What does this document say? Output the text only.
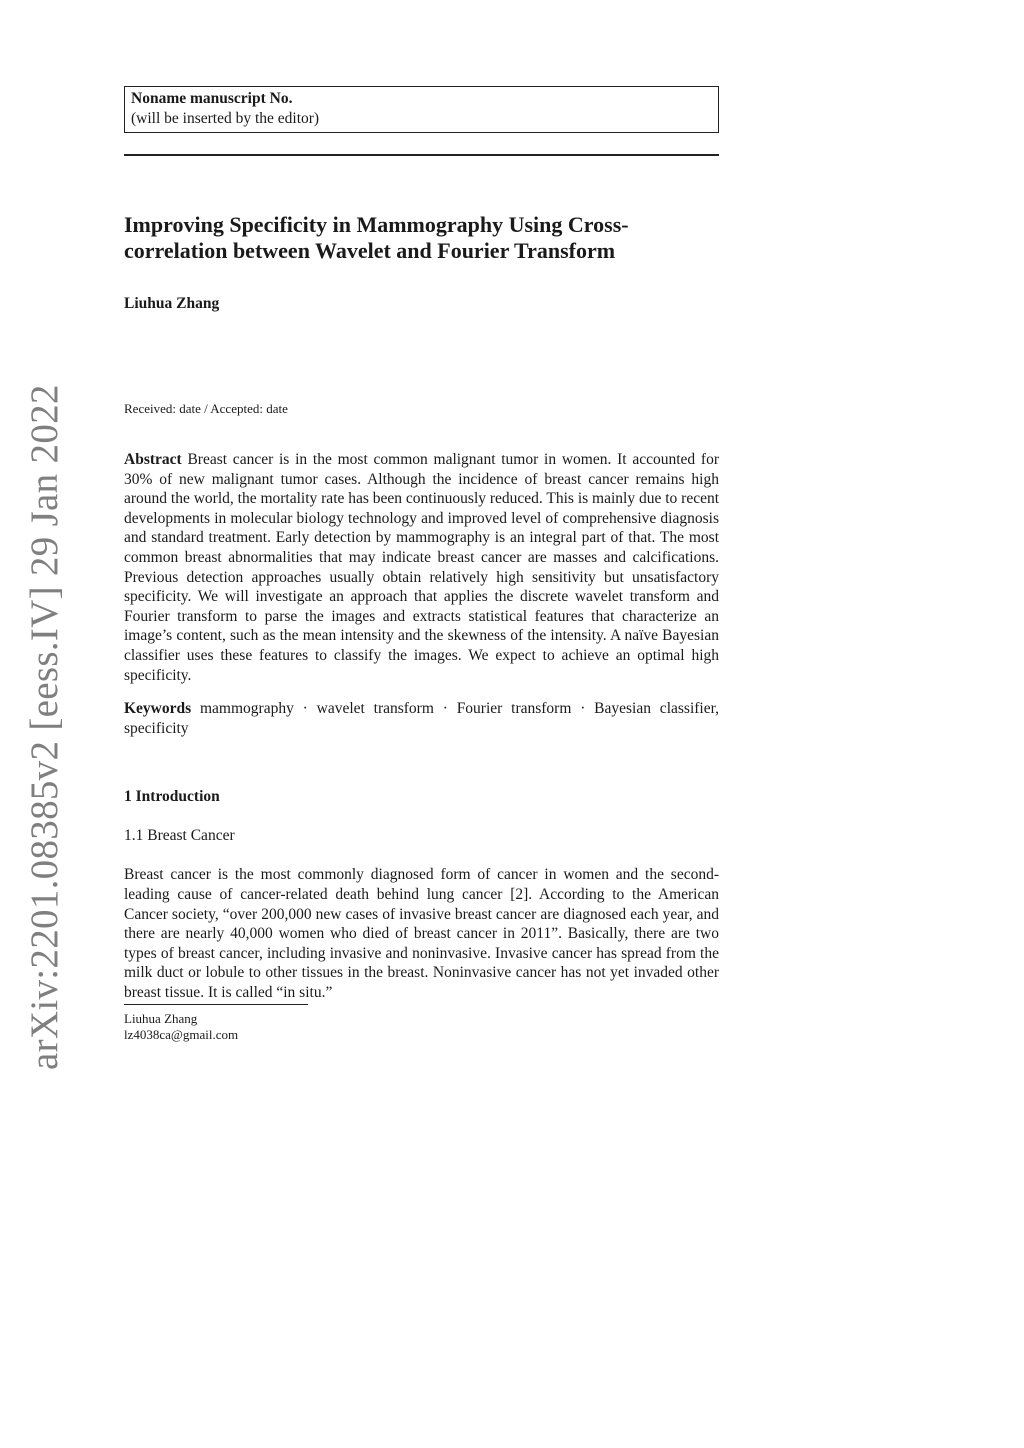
arXiv:2201.08385v2 [eess.IV] 29 Jan 2022
Noname manuscript No.
(will be inserted by the editor)
Improving Specificity in Mammography Using Cross-correlation between Wavelet and Fourier Transform
Liuhua Zhang
Received: date / Accepted: date
Abstract Breast cancer is in the most common malignant tumor in women. It accounted for 30% of new malignant tumor cases. Although the incidence of breast cancer remains high around the world, the mortality rate has been continuously reduced. This is mainly due to recent developments in molecular biology technology and improved level of comprehensive diagnosis and standard treatment. Early detection by mammography is an integral part of that. The most common breast abnormalities that may indicate breast cancer are masses and calcifications. Previous detection approaches usually obtain relatively high sensitivity but unsatisfactory specificity. We will investigate an approach that applies the discrete wavelet transform and Fourier transform to parse the images and extracts statistical features that characterize an image’s content, such as the mean intensity and the skewness of the intensity. A naïve Bayesian classifier uses these features to classify the images. We expect to achieve an optimal high specificity.
Keywords mammography · wavelet transform · Fourier transform · Bayesian classifier, specificity
1 Introduction
1.1 Breast Cancer
Breast cancer is the most commonly diagnosed form of cancer in women and the second-leading cause of cancer-related death behind lung cancer [2]. According to the American Cancer society, “over 200,000 new cases of invasive breast cancer are diagnosed each year, and there are nearly 40,000 women who died of breast cancer in 2011”. Basically, there are two types of breast cancer, including invasive and noninvasive. Invasive cancer has spread from the milk duct or lobule to other tissues in the breast. Noninvasive cancer has not yet invaded other breast tissue. It is called “in situ.”
Liuhua Zhang
lz4038ca@gmail.com
